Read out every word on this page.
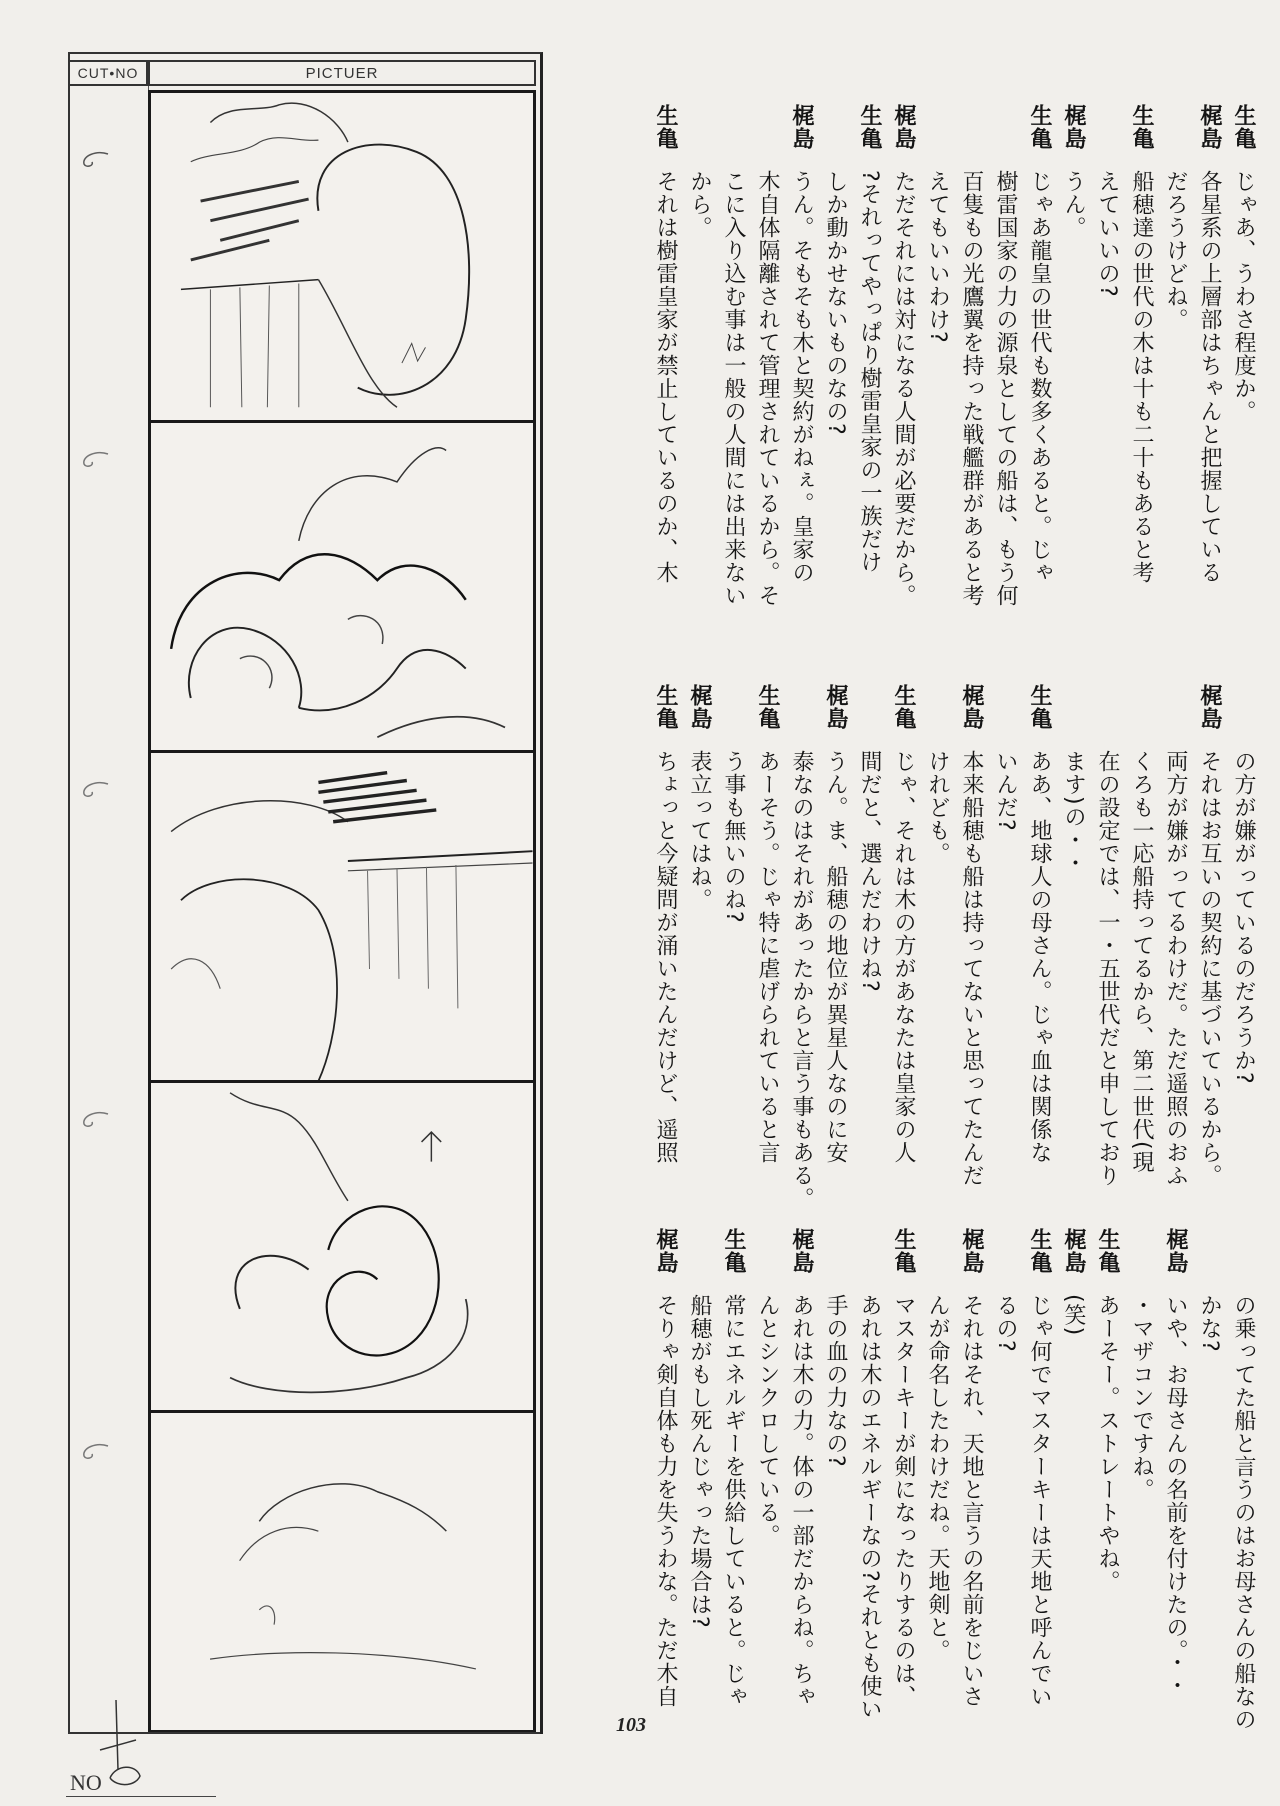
CUT•NO	PICTUER
NO
生亀じゃあ、うわさ程度か。
梶島各星系の上層部はちゃんと把握している
だろうけどね。
生亀船穂達の世代の木は十も二十もあると考
えていいの?
梶島うん。
生亀じゃあ龍皇の世代も数多くあると。じゃ
樹雷国家の力の源泉としての船は、もう何
百隻もの光鷹翼を持った戦艦群があると考
えてもいいわけ?
梶島ただそれには対になる人間が必要だから。
生亀?それってやっぱり樹雷皇家の一族だけ
しか動かせないものなの?
梶島うん。そもそも木と契約がねぇ。皇家の
木自体隔離されて管理されているから。そ
こに入り込む事は一般の人間には出来ない
から。
生亀それは樹雷皇家が禁止しているのか、木
の方が嫌がっているのだろうか?
梶島それはお互いの契約に基づいているから。
両方が嫌がってるわけだ。ただ遥照のおふ
くろも一応船持ってるから、第二世代(現
在の設定では、一・五世代だと申しており
ます)の・・
生亀ああ、地球人の母さん。じゃ血は関係な
いんだ?
梶島本来船穂も船は持ってないと思ってたんだ
けれども。
生亀じゃ、それは木の方があなたは皇家の人
間だと、選んだわけね?
梶島うん。ま、船穂の地位が異星人なのに安
泰なのはそれがあったからと言う事もある。
生亀あーそう。じゃ特に虐げられていると言
う事も無いのね?
梶島表立ってはね。
生亀ちょっと今疑問が涌いたんだけど、遥照
の乗ってた船と言うのはお母さんの船なの
かな?
梶島いや、お母さんの名前を付けたの。・・
・マザコンですね。
生亀あーそー。ストレートやね。
梶島(笑)
生亀じゃ何でマスターキーは天地と呼んでい
るの?
梶島それはそれ、天地と言うの名前をじいさ
んが命名したわけだね。天地剣と。
生亀マスターキーが剣になったりするのは、
あれは木のエネルギーなの?それとも使い
手の血の力なの?
梶島あれは木の力。体の一部だからね。ちゃ
んとシンクロしている。
生亀常にエネルギーを供給していると。じゃ
船穂がもし死んじゃった場合は?
梶島そりゃ剣自体も力を失うわな。ただ木自
103
